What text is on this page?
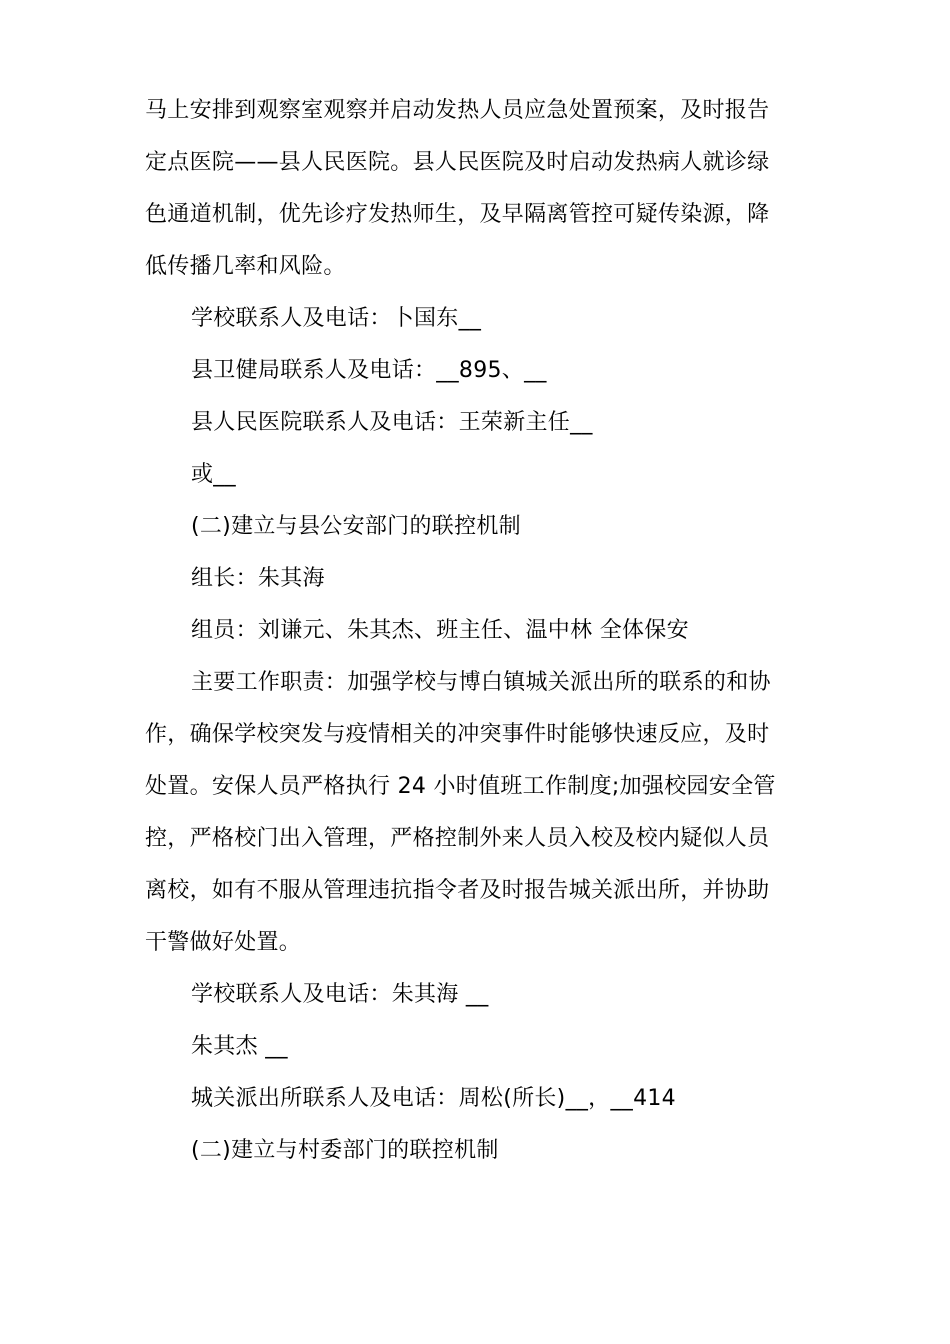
马上安排到观察室观察并启动发热人员应急处置预案，及时报告
定点医院——县人民医院。县人民医院及时启动发热病人就诊绿
色通道机制，优先诊疗发热师生，及早隔离管控可疑传染源，降
低传播几率和风险。
学校联系人及电话：卜国东__
县卫健局联系人及电话：__895、__
县人民医院联系人及电话：王荣新主任__
或__
(二)建立与县公安部门的联控机制
组长：朱其海
组员：刘谦元、朱其杰、班主任、温中林 全体保安
主要工作职责：加强学校与博白镇城关派出所的联系的和协
作，确保学校突发与疫情相关的冲突事件时能够快速反应，及时
处置。安保人员严格执行 24 小时值班工作制度;加强校园安全管
控，严格校门出入管理，严格控制外来人员入校及校内疑似人员
离校，如有不服从管理违抗指令者及时报告城关派出所，并协助
干警做好处置。
学校联系人及电话：朱其海 __
朱其杰 __
城关派出所联系人及电话：周松(所长)__，__414
(二)建立与村委部门的联控机制
